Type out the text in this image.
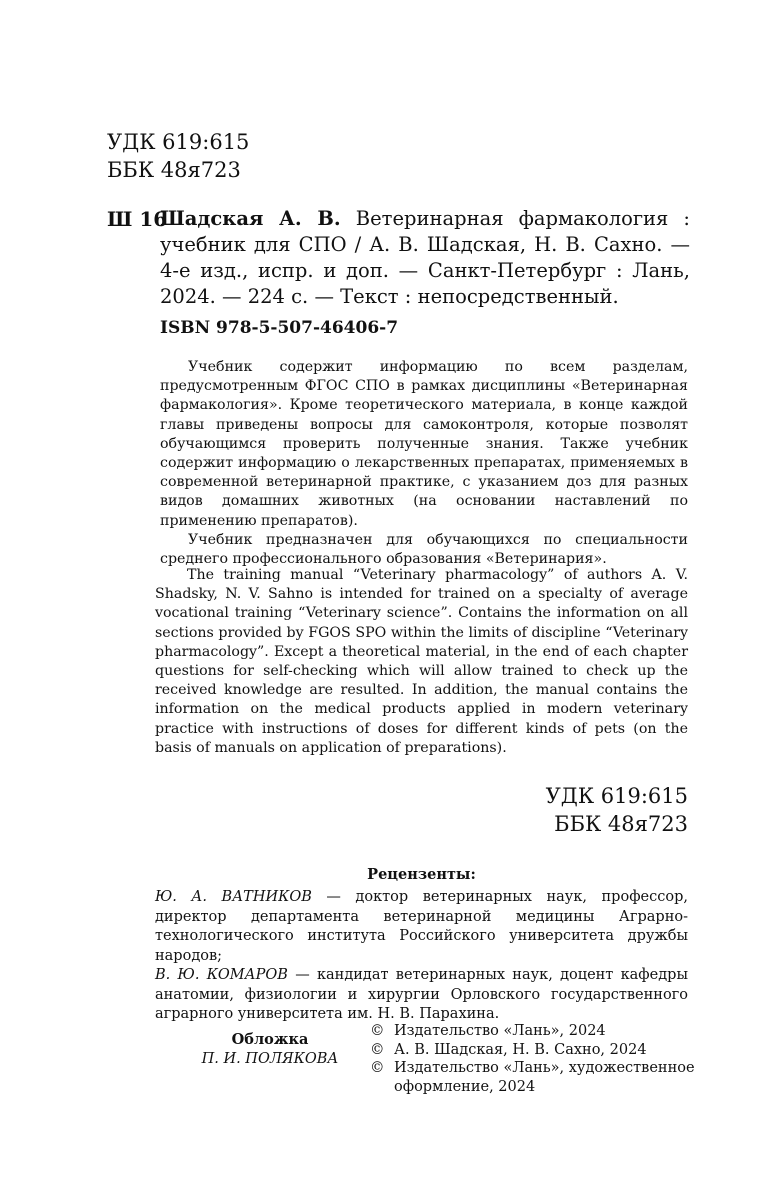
УДК 619:615
ББК 48я723
Ш 16
Шадская А. В. Ветеринарная фармакология : учебник для СПО / А. В. Шадская, Н. В. Сахно. — 4-е изд., испр. и доп. — Санкт-Петербург : Лань, 2024. — 224 с. — Текст : непосредственный.
ISBN 978-5-507-46406-7

Учебник содержит информацию по всем разделам, предусмотренным ФГОС СПО в рамках дисциплины «Ветеринарная фармакология». Кроме теоретического материала, в конце каждой главы приведены вопросы для самоконтроля, которые позволят обучающимся проверить полученные знания. Также учебник содержит информацию о лекарственных препаратах, применяемых в современной ветеринарной практике, с указанием доз для разных видов домашних животных (на основании наставлений по применению препаратов).

Учебник предназначен для обучающихся по специальности среднего профессионального образования «Ветеринария».

The training manual “Veterinary pharmacology” of authors A. V. Shadsky, N. V. Sahno is intended for trained on a specialty of average vocational training “Veterinary science”. Contains the information on all sections provided by FGOS SPO within the limits of discipline “Veterinary pharmacology”. Except a theoretical material, in the end of each chapter questions for self-checking which will allow trained to check up the received knowledge are resulted. In addition, the manual contains the information on the medical products applied in modern veterinary practice with instructions of doses for different kinds of pets (on the basis of manuals on application of preparations).

УДК 619:615
ББК 48я723
Рецензенты:

Ю. А. ВАТНИКОВ — доктор ветеринарных наук, профессор, директор департамента ветеринарной медицины Аграрно-технологического института Российского университета дружбы народов;

В. Ю. КОМАРОВ — кандидат ветеринарных наук, доцент кафедры анатомии, физиологии и хирургии Орловского государственного аграрного университета им. Н. В. Парахина.

Обложка
П. И. ПОЛЯКОВА
© Издательство «Лань», 2024
© А. В. Шадская, Н. В. Сахно, 2024
© Издательство «Лань», художественное оформление, 2024
